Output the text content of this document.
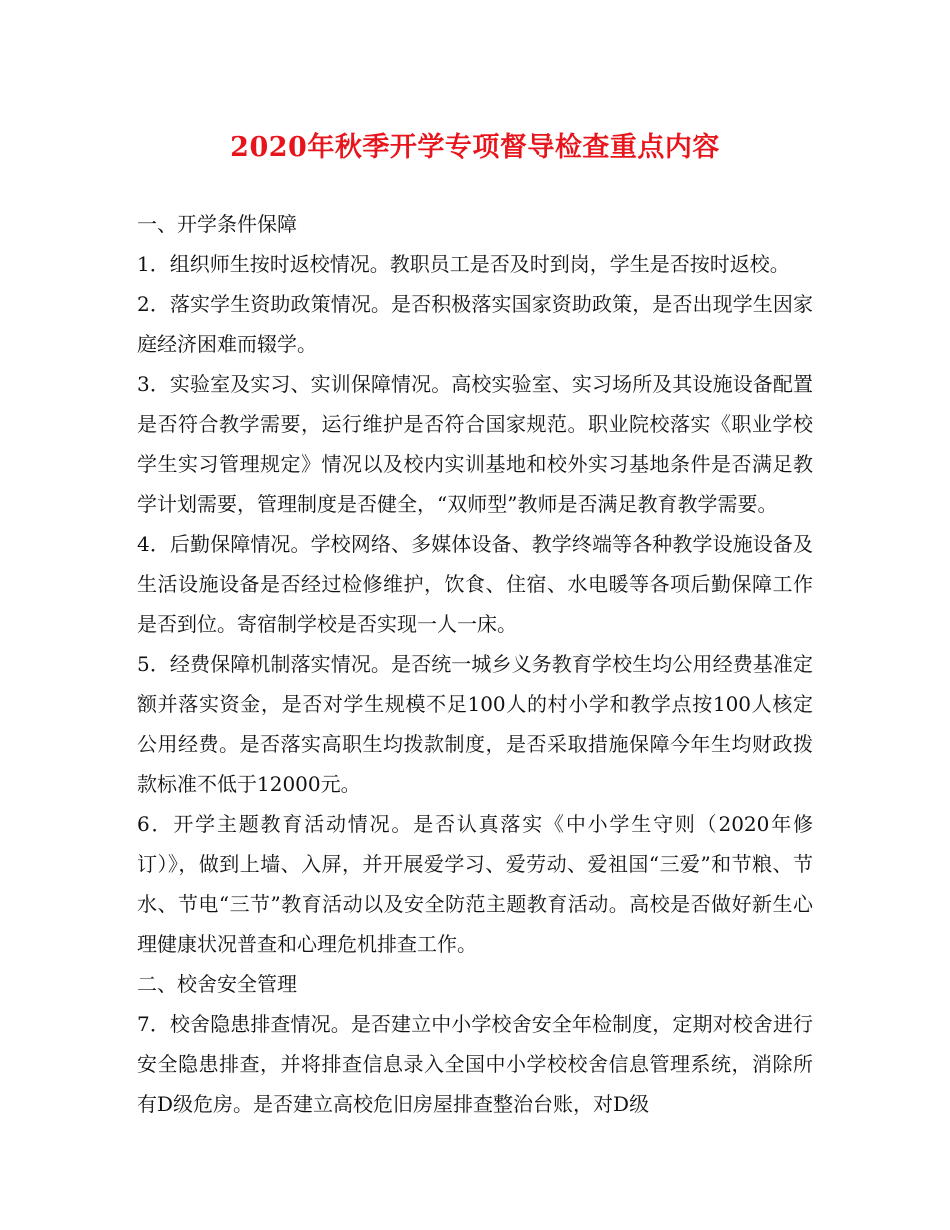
2020年秋季开学专项督导检查重点内容

一、开学条件保障

1．组织师生按时返校情况。教职员工是否及时到岗，学生是否按时返校。

2．落实学生资助政策情况。是否积极落实国家资助政策，是否出现学生因家庭经济困难而辍学。

3．实验室及实习、实训保障情况。高校实验室、实习场所及其设施设备配置是否符合教学需要，运行维护是否符合国家规范。职业院校落实《职业学校学生实习管理规定》情况以及校内实训基地和校外实习基地条件是否满足教学计划需要，管理制度是否健全，“双师型”教师是否满足教育教学需要。

4．后勤保障情况。学校网络、多媒体设备、教学终端等各种教学设施设备及生活设施设备是否经过检修维护，饮食、住宿、水电暖等各项后勤保障工作是否到位。寄宿制学校是否实现一人一床。

5．经费保障机制落实情况。是否统一城乡义务教育学校生均公用经费基准定额并落实资金，是否对学生规模不足100人的村小学和教学点按100人核定公用经费。是否落实高职生均拨款制度，是否采取措施保障今年生均财政拨款标准不低于12000元。

6．开学主题教育活动情况。是否认真落实《中小学生守则（2020年修订）》，做到上墙、入屏，并开展爱学习、爱劳动、爱祖国“三爱”和节粮、节水、节电“三节”教育活动以及安全防范主题教育活动。高校是否做好新生心理健康状况普查和心理危机排查工作。

二、校舍安全管理

7．校舍隐患排查情况。是否建立中小学校舍安全年检制度，定期对校舍进行安全隐患排查，并将排查信息录入全国中小学校校舍信息管理系统，消除所有D级危房。是否建立高校危旧房屋排查整治台账，对D级
